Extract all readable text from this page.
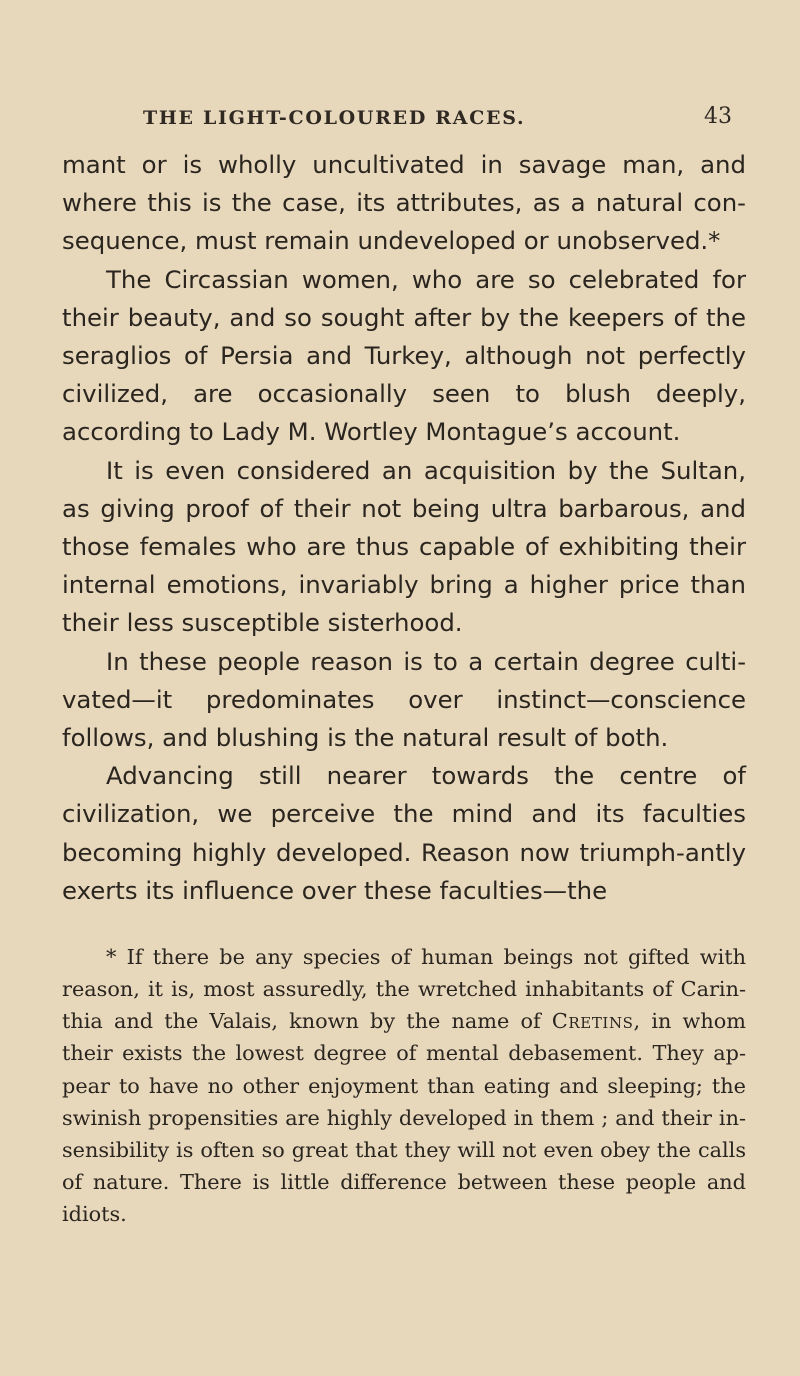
THE LIGHT-COLOURED RACES.	43

mant or is wholly uncultivated in savage man, and where this is the case, its attributes, as a natural con-sequence, must remain undeveloped or unobserved.*

The Circassian women, who are so celebrated for their beauty, and so sought after by the keepers of the seraglios of Persia and Turkey, although not perfectly civilized, are occasionally seen to blush deeply, according to Lady M. Wortley Montague’s account.

It is even considered an acquisition by the Sultan, as giving proof of their not being ultra barbarous, and those females who are thus capable of exhibiting their internal emotions, invariably bring a higher price than their less susceptible sisterhood.

In these people reason is to a certain degree culti-vated—it predominates over instinct—conscience follows, and blushing is the natural result of both.

Advancing still nearer towards the centre of civilization, we perceive the mind and its faculties becoming highly developed. Reason now triumph-antly exerts its influence over these faculties—the

* If there be any species of human beings not gifted with reason, it is, most assuredly, the wretched inhabitants of Carin-thia and the Valais, known by the name of Cretins, in whom their exists the lowest degree of mental debasement. They ap-pear to have no other enjoyment than eating and sleeping; the swinish propensities are highly developed in them ; and their in-sensibility is often so great that they will not even obey the calls of nature. There is little difference between these people and idiots.
